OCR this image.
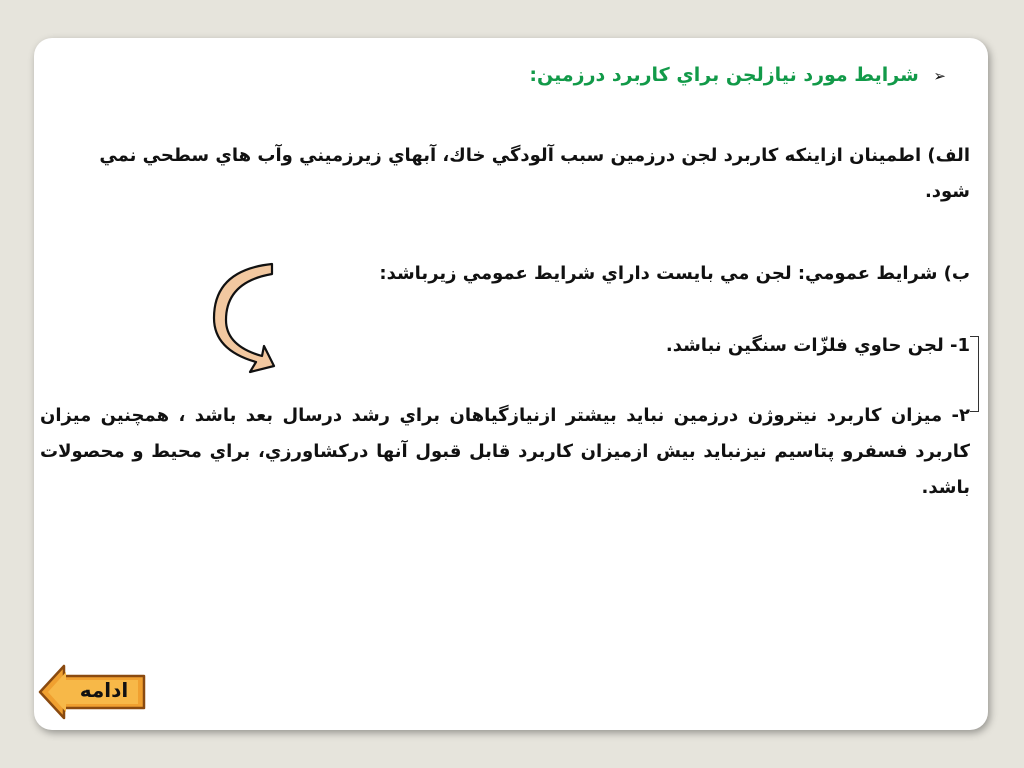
➢ شرايط مورد نيازلجن براي کاربرد درزمين:
الف) اطمينان ازاينکه کاربرد لجن درزمين سبب آلودگي خاك، آبهاي زيرزميني وآب هاي سطحي نمي شود.
ب) شرايط عمومي: لجن مي بايست داراي شرايط عمومي زيرباشد:
1- لجن حاوي فلزّات سنگين نباشد.
۲- ميزان كاربرد نيتروژن درزمين نبايد بيشتر ازنيازگياهان براي رشد درسال بعد باشد ، همچنين ميزان كاربرد فسفرو پتاسيم نيزنبايد بيش ازميزان كاربرد قابل قبول آنها دركشاورزي، براي محيط و محصولات باشد.
ادامه
